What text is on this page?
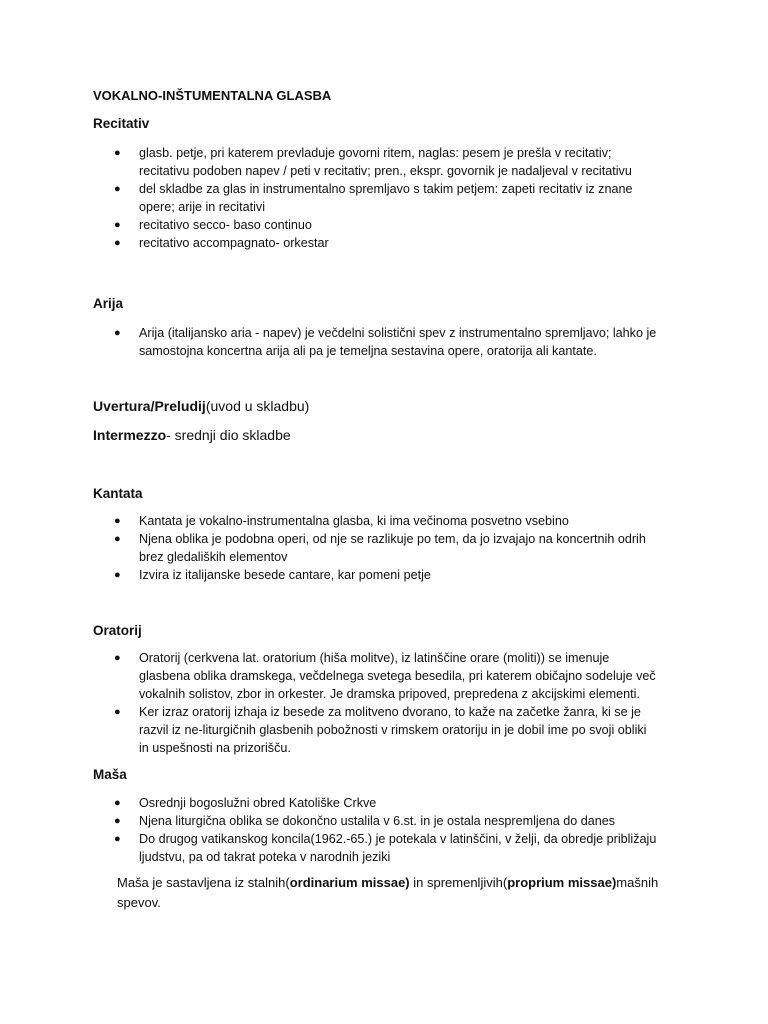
VOKALNO-INŠTUMENTALNA GLASBA
Recitativ
● glasb. petje, pri katerem prevladuje govorni ritem, naglas: pesem je prešla v recitativ;
recitativu podoben napev / peti v recitativ; pren., ekspr. govornik je nadaljeval v recitativu
● del skladbe za glas in instrumentalno spremljavo s takim petjem: zapeti recitativ iz znane
opere; arije in recitativi
● recitativo secco- baso continuo
● recitativo accompagnato- orkestar
Arija
● Arija (italijansko aria - napev) je večdelni solistični spev z instrumentalno spremljavo; lahko je
samostojna koncertna arija ali pa je temeljna sestavina opere, oratorija ali kantate.
Uvertura/Preludij(uvod u skladbu)
Intermezzo- srednji dio skladbe
Kantata
● Kantata je vokalno-instrumentalna glasba, ki ima večinoma posvetno vsebino
● Njena oblika je podobna operi, od nje se razlikuje po tem, da jo izvajajo na koncertnih odrih
brez gledaliških elementov
● Izvira iz italijanske besede cantare, kar pomeni petje
Oratorij
● Oratorij (cerkvena lat. oratorium (hiša molitve), iz latinščine orare (moliti)) se imenuje
glasbena oblika dramskega, večdelnega svetega besedila, pri katerem običajno sodeluje več
vokalnih solistov, zbor in orkester. Je dramska pripoved, prepredena z akcijskimi elementi.
● Ker izraz oratorij izhaja iz besede za molitveno dvorano, to kaže na začetke žanra, ki se je
razvil iz ne-liturgičnih glasbenih pobožnosti v rimskem oratoriju in je dobil ime po svoji obliki
in uspešnosti na prizorišču.
Maša
● Osrednji bogoslužni obred Katoliške Crkve
● Njena liturgična oblika se dokončno ustalila v 6.st. in je ostala nespremljena do danes
● Do drugog vatikanskog koncila(1962.-65.) je potekala v latinščini, v želji, da obredje približaju
ljudstvu, pa od takrat poteka v narodnih jeziki
Maša je sastavljena iz stalnih(ordinarium missae) in spremenljivih(proprium missae)mašnih
spevov.
